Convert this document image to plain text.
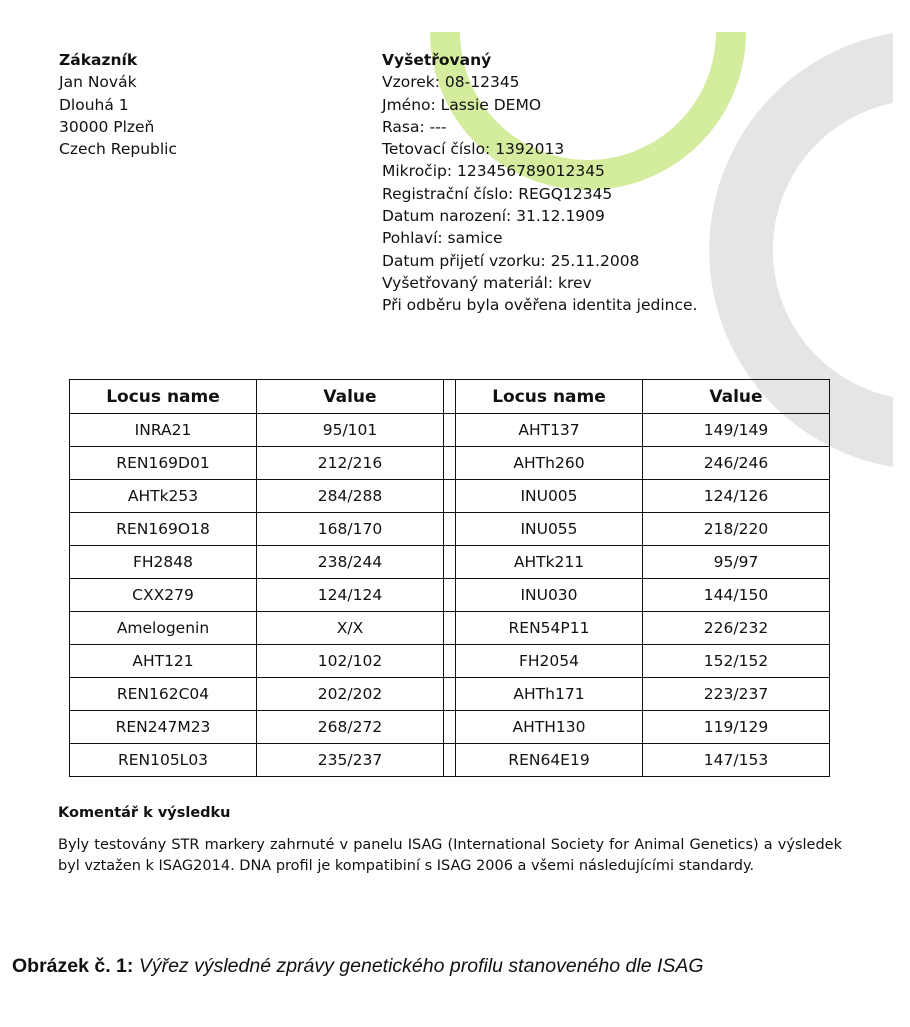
Zákazník
Jan Novák
Dlouhá 1
30000 Plzeň
Czech Republic
Vyšetřovaný
Vzorek: 08-12345
Jméno: Lassie DEMO
Rasa: ---
Tetovací číslo: 1392013
Mikročip: 123456789012345
Registrační číslo: REGQ12345
Datum narození: 31.12.1909
Pohlaví: samice
Datum přijetí vzorku: 25.11.2008
Vyšetřovaný materiál: krev
Při odběru byla ověřena identita jedince.
Locus name	Value		Locus name	Value
INRA21	95/101		AHT137	149/149
REN169D01	212/216		AHTh260	246/246
AHTk253	284/288		INU005	124/126
REN169O18	168/170		INU055	218/220
FH2848	238/244		AHTk211	95/97
CXX279	124/124		INU030	144/150
Amelogenin	X/X		REN54P11	226/232
AHT121	102/102		FH2054	152/152
REN162C04	202/202		AHTh171	223/237
REN247M23	268/272		AHTH130	119/129
REN105L03	235/237		REN64E19	147/153
Komentář k výsledku
Byly testovány STR markery zahrnuté v panelu ISAG (International Society for Animal Genetics) a výsledek byl vztažen k ISAG2014. DNA profil je kompatibiní s ISAG 2006 a všemi následujícími standardy.
Obrázek č. 1: Výřez výsledné zprávy genetického profilu stanoveného dle ISAG
